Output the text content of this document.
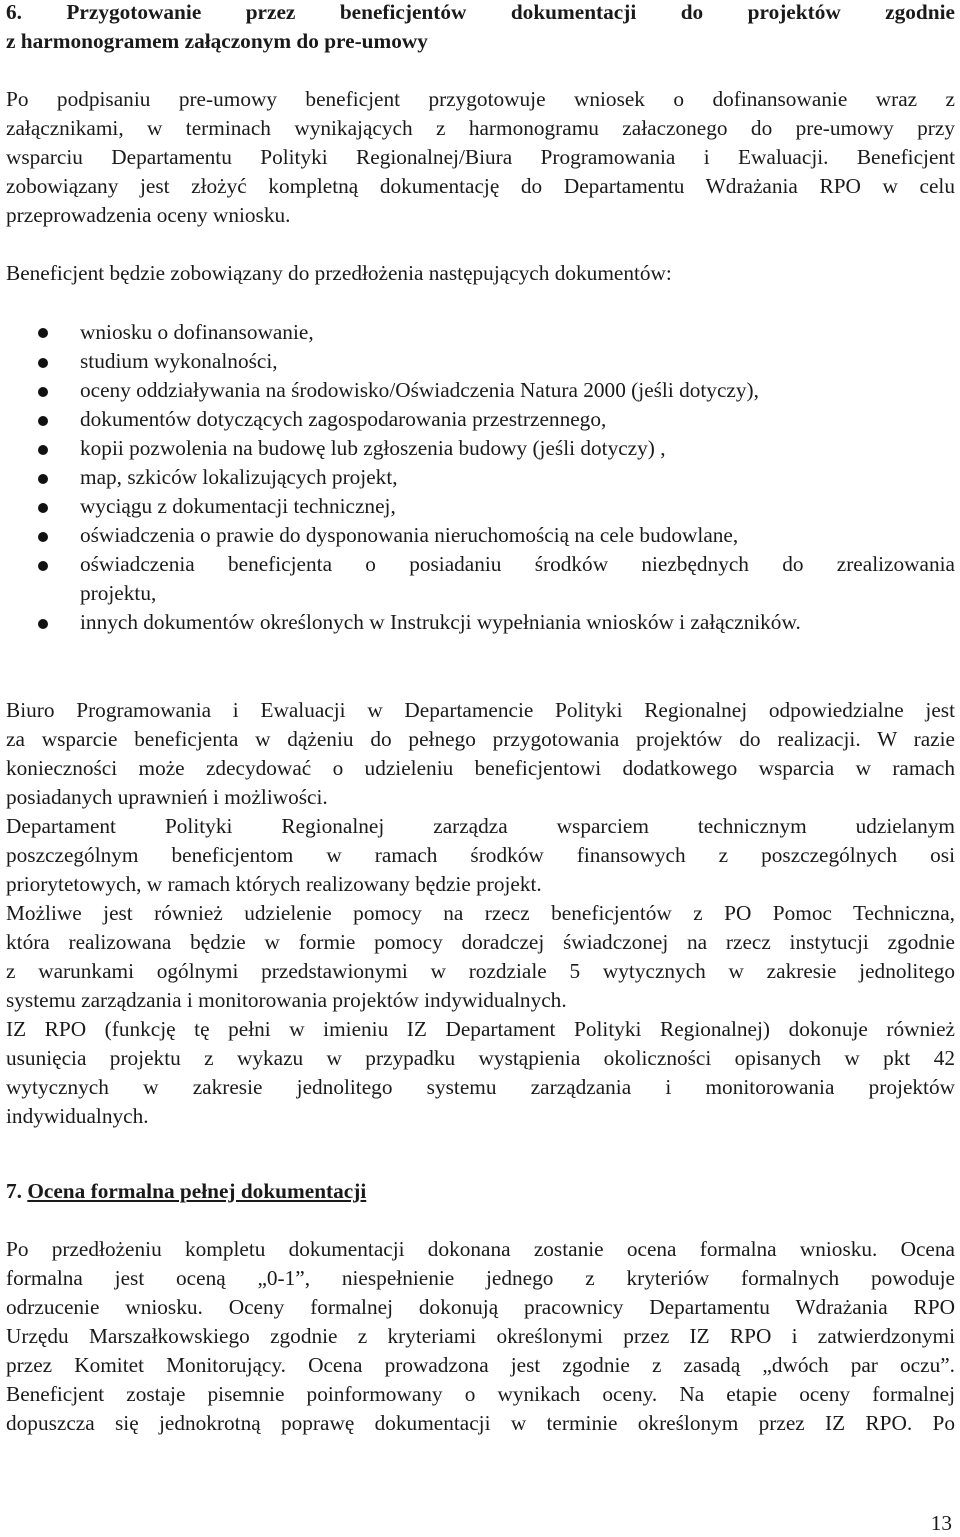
6. Przygotowanie przez beneficjentów dokumentacji do projektów zgodnie

z harmonogramem załączonym do pre-umowy

Po podpisaniu pre-umowy beneficjent przygotowuje wniosek o dofinansowanie wraz z

załącznikami, w terminach wynikających z harmonogramu załaczonego do pre-umowy przy

wsparciu Departamentu Polityki Regionalnej/Biura Programowania i Ewaluacji. Beneficjent

zobowiązany jest złożyć kompletną dokumentację do Departamentu Wdrażania RPO w celu

przeprowadzenia oceny wniosku.

Beneficjent będzie zobowiązany do przedłożenia następujących dokumentów:

wniosku o dofinansowanie,

studium wykonalności,

oceny oddziaływania na środowisko/Oświadczenia Natura 2000 (jeśli dotyczy),

dokumentów dotyczących zagospodarowania przestrzennego,

kopii pozwolenia na budowę lub zgłoszenia budowy (jeśli dotyczy) ,

map, szkiców lokalizujących projekt,

wyciągu z dokumentacji technicznej,

oświadczenia o prawie do dysponowania nieruchomością na cele budowlane,

oświadczenia beneficjenta o posiadaniu środków niezbędnych do zrealizowania

projektu,

innych dokumentów określonych w Instrukcji wypełniania wniosków i załączników.

Biuro Programowania i Ewaluacji w Departamencie Polityki Regionalnej odpowiedzialne jest

za wsparcie beneficjenta w dążeniu do pełnego przygotowania projektów do realizacji. W razie

konieczności może zdecydować o udzieleniu beneficjentowi dodatkowego wsparcia w ramach

posiadanych uprawnień i możliwości.

Departament Polityki Regionalnej zarządza wsparciem technicznym udzielanym

poszczególnym beneficjentom w ramach środków finansowych z poszczególnych osi

priorytetowych, w ramach których realizowany będzie projekt.

Możliwe jest również udzielenie pomocy na rzecz beneficjentów z PO Pomoc Techniczna,

która realizowana będzie w formie pomocy doradczej świadczonej na rzecz instytucji zgodnie

z warunkami ogólnymi przedstawionymi w rozdziale 5 wytycznych w zakresie jednolitego

systemu zarządzania i monitorowania projektów indywidualnych.

IZ RPO (funkcję tę pełni w imieniu IZ Departament Polityki Regionalnej) dokonuje również

usunięcia projektu z wykazu w przypadku wystąpienia okoliczności opisanych w pkt 42

wytycznych w zakresie jednolitego systemu zarządzania i monitorowania projektów

indywidualnych.

7. Ocena formalna pełnej dokumentacji

Po przedłożeniu kompletu dokumentacji dokonana zostanie ocena formalna wniosku. Ocena

formalna jest oceną „0-1”, niespełnienie jednego z kryteriów formalnych powoduje

odrzucenie wniosku. Oceny formalnej dokonują pracownicy Departamentu Wdrażania RPO

Urzędu Marszałkowskiego zgodnie z kryteriami określonymi przez IZ RPO i zatwierdzonymi

przez Komitet Monitorujący. Ocena prowadzona jest zgodnie z zasadą „dwóch par oczu”.

Beneficjent zostaje pisemnie poinformowany o wynikach oceny. Na etapie oceny formalnej

dopuszcza się jednokrotną poprawę dokumentacji w terminie określonym przez IZ RPO. Po

13
